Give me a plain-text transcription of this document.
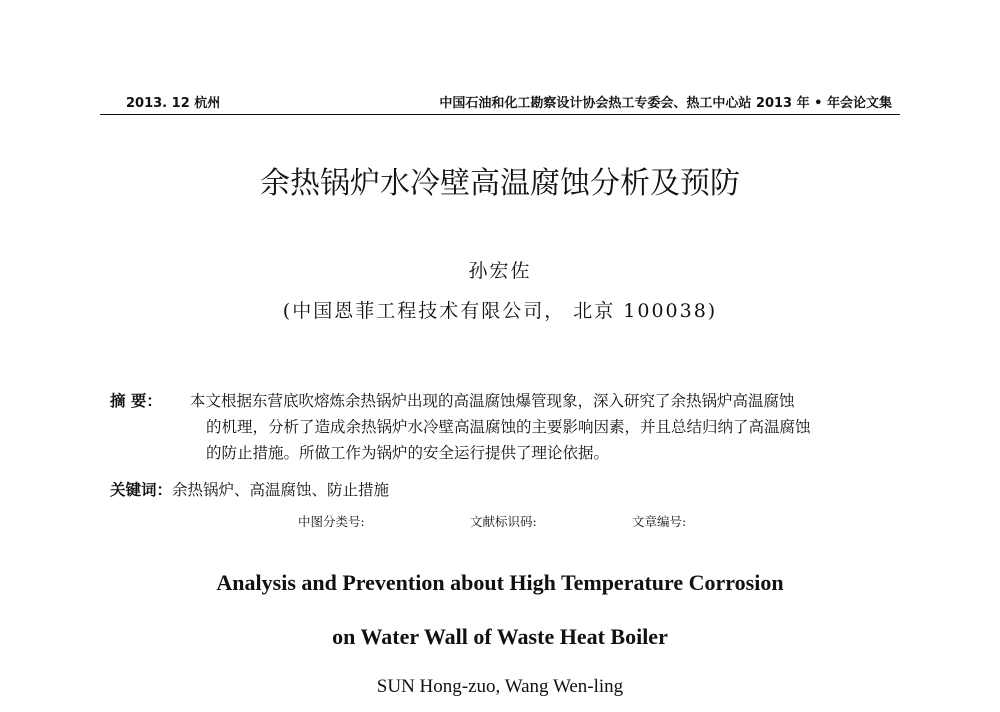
2013. 12 杭州	中国石油和化工勘察设计协会热工专委会、热工中心站 2013 年 • 年会论文集
余热锅炉水冷壁高温腐蚀分析及预防
孙宏佐
(中国恩菲工程技术有限公司， 北京 100038)
摘 要： 本文根据东营底吹熔炼余热锅炉出现的高温腐蚀爆管现象，深入研究了余热锅炉高温腐蚀
的机理，分析了造成余热锅炉水冷壁高温腐蚀的主要影响因素，并且总结归纳了高温腐蚀
的防止措施。所做工作为锅炉的安全运行提供了理论依据。
关键词：余热锅炉、高温腐蚀、防止措施
中图分类号:	文献标识码:	文章编号:
Analysis and Prevention about High Temperature Corrosion
on Water Wall of Waste Heat Boiler
SUN Hong-zuo, Wang Wen-ling
